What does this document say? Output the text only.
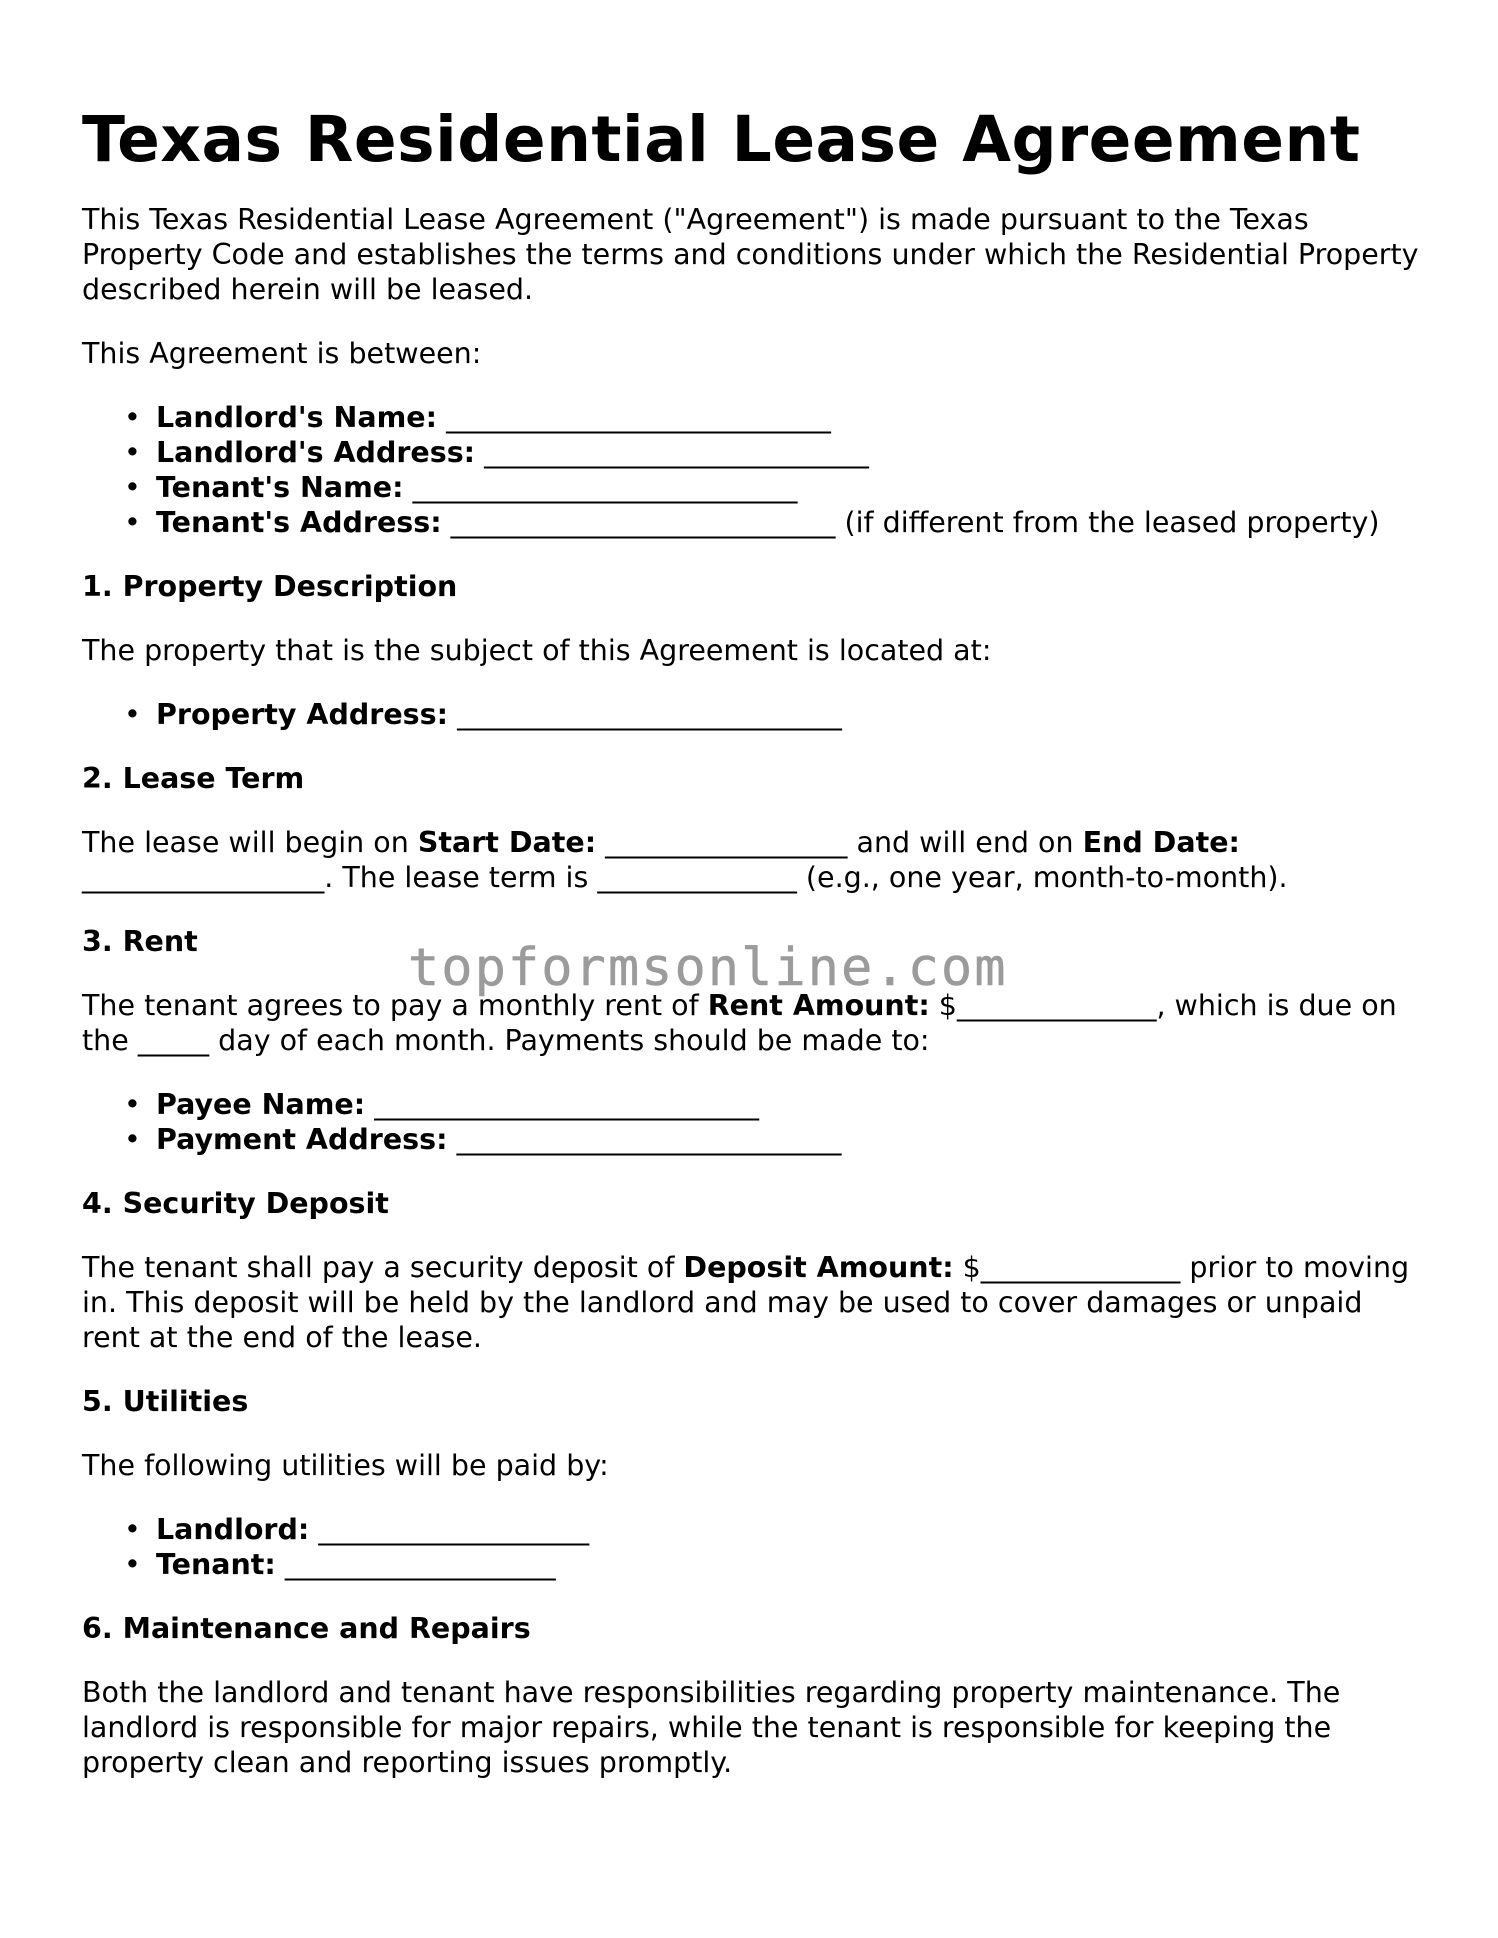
Texas Residential Lease Agreement

This Texas Residential Lease Agreement ("Agreement") is made pursuant to the Texas Property Code and establishes the terms and conditions under which the Residential Property described herein will be leased.

This Agreement is between:

• Landlord's Name: ___________________________
• Landlord's Address: ___________________________
• Tenant's Name: ___________________________
• Tenant's Address: ___________________________ (if different from the leased property)
1. Property Description

The property that is the subject of this Agreement is located at:

• Property Address: ___________________________
2. Lease Term

The lease will begin on Start Date: _________________ and will end on End Date: _________________. The lease term is ______________ (e.g., one year, month-to-month).

3. Rent

The tenant agrees to pay a monthly rent of Rent Amount: $______________, which is due on the _____ day of each month. Payments should be made to:

• Payee Name: ___________________________
• Payment Address: ___________________________
4. Security Deposit

The tenant shall pay a security deposit of Deposit Amount: $______________ prior to moving in. This deposit will be held by the landlord and may be used to cover damages or unpaid rent at the end of the lease.

5. Utilities

The following utilities will be paid by:

• Landlord: ___________________
• Tenant: ___________________
6. Maintenance and Repairs

Both the landlord and tenant have responsibilities regarding property maintenance. The landlord is responsible for major repairs, while the tenant is responsible for keeping the property clean and reporting issues promptly.

topformsonline.com
